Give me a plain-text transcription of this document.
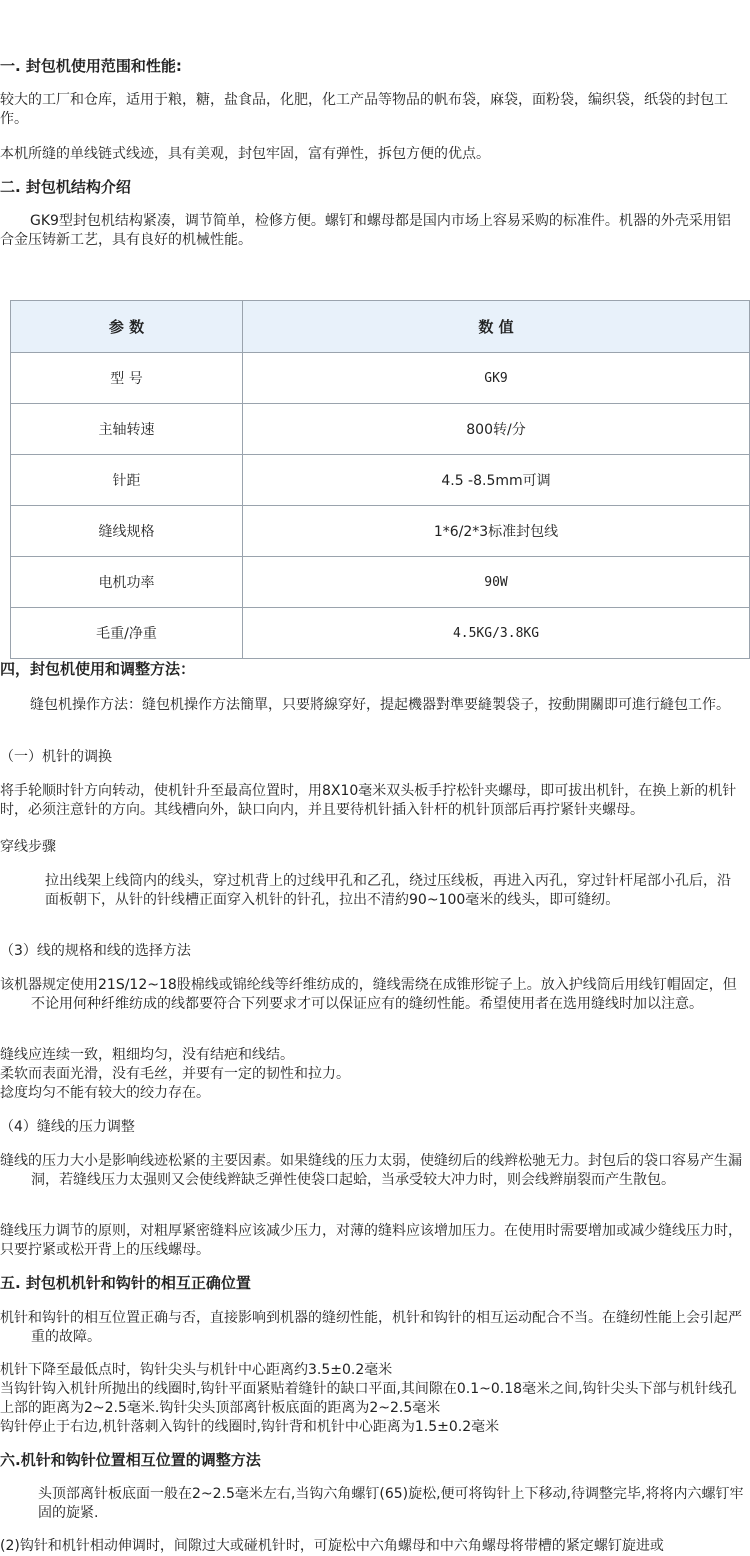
一. 封包机使用范围和性能:
较大的工厂和仓库，适用于粮，糖，盐食品，化肥，化工产品等物品的帆布袋，麻袋，面粉袋，编织袋，纸袋的封包工作。
本机所缝的单线链式线迹，具有美观，封包牢固，富有弹性，拆包方便的优点。
二. 封包机结构介绍
GK9型封包机结构紧凑，调节简单，检修方便。螺钉和螺母都是国内市场上容易采购的标准件。机器的外壳采用铝合金压铸新工艺，具有良好的机械性能。
参 数	数 值
型 号	GK9
主轴转速	800转/分
针距	4.5 -8.5mm可调
缝线规格	1*6/2*3标准封包线
电机功率	90W
毛重/净重	4.5KG/3.8KG
四，封包机使用和调整方法：
缝包机操作方法：缝包机操作方法簡單，只要將線穿好，提起機器對準要縫製袋子，按動開關即可進行縫包工作。
（一）机针的调换
将手轮顺时针方向转动，使机针升至最高位置时，用8X10毫米双头板手拧松针夹螺母，即可拔出机针，在换上新的机针时，必须注意针的方向。其线槽向外，缺口向内，并且要待机针插入针杆的机针顶部后再拧紧针夹螺母。
穿线步骤
拉出线架上线筒内的线头，穿过机背上的过线甲孔和乙孔，绕过压线板，再进入丙孔，穿过针杆尾部小孔后，沿面板朝下，从针的针线槽正面穿入机针的针孔，拉出不清約90~100毫米的线头，即可缝纫。
（3）线的规格和线的选择方法
该机器规定使用21S/12~18股棉线或锦纶线等纤维纺成的，缝线需绕在成锥形锭子上。放入护线筒后用线钉帽固定，但不论用何种纤维纺成的线都要符合下列要求才可以保证应有的缝纫性能。希望使用者在选用缝线时加以注意。
缝线应连续一致，粗细均匀，没有结疤和线结。
柔软而表面光滑，没有毛丝，并要有一定的韧性和拉力。
捻度均匀不能有较大的绞力存在。
（4）缝线的压力调整
缝线的压力大小是影响线迹松紧的主要因素。如果缝线的压力太弱，使缝纫后的线辫松驰无力。封包后的袋口容易产生漏洞，若缝线压力太强则又会使线辫缺乏弹性使袋口起蛤，当承受较大冲力时，则会线辫崩裂而产生散包。
缝线压力调节的原则，对粗厚紧密缝料应该减少压力，对薄的缝料应该增加压力。在使用时需要增加或减少缝线压力时，只要拧紧或松开背上的压线螺母。
五. 封包机机针和钩针的相互正确位置
机针和钩针的相互位置正确与否，直接影响到机器的缝纫性能，机针和钩针的相互运动配合不当。在缝纫性能上会引起严重的故障。
机针下降至最低点时，钩针尖头与机针中心距离约3.5±0.2毫米
当钩针钩入机针所抛出的线圈时,钩针平面紧贴着缝针的缺口平面,其间隙在0.1~0.18毫米之间,钩针尖头下部与机针线孔上部的距离为2~2.5毫米.钩针尖头顶部离针板底面的距离为2~2.5毫米
钩针停止于右边,机针落刺入钩针的线圈时,钩针背和机针中心距离为1.5±0.2毫米
六.机针和钩针位置相互位置的调整方法
头顶部离针板底面一般在2~2.5毫米左右,当钩六角螺钉(65)旋松,便可将钩针上下移动,待调整完毕,将将内六螺钉牢固的旋紧.
(2)钩针和机针相动伸调时，间隙过大或碰机针时，可旋松中六角螺母和中六角螺母将带槽的紧定螺钉旋进或
